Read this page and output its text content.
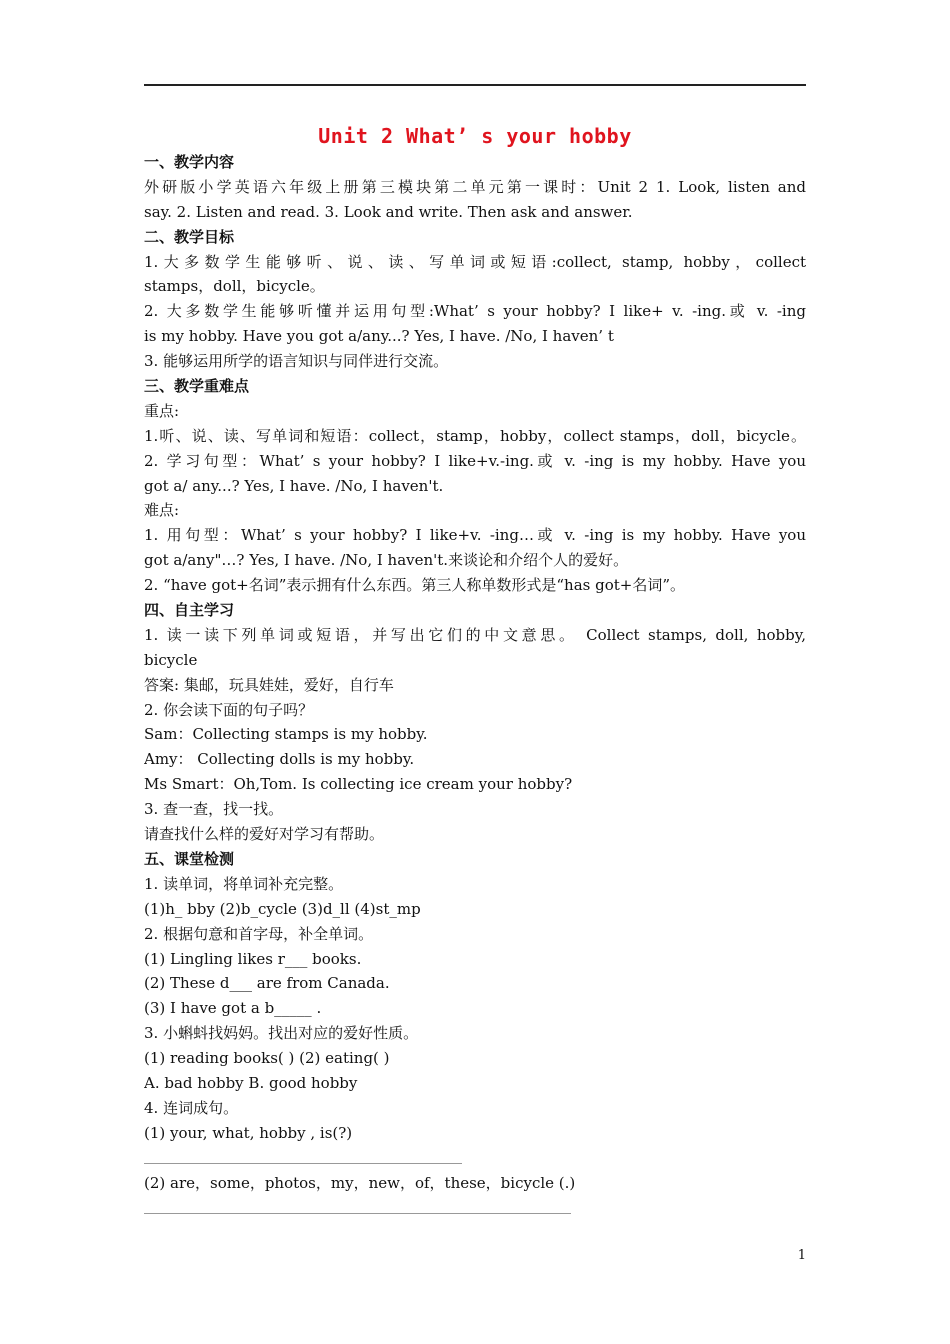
Unit 2 What’ s your hobby
一、教学内容
外研版小学英语六年级上册第三模块第二单元第一课时：Unit 2 1. Look, listen and
say. 2. Listen and read. 3. Look and write. Then ask and answer.
二、教学目标
1.大多数学生能够听、说、读、写单词或短语:collect, stamp, hobby，collect
stamps，doll，bicycle。
2. 大多数学生能够听懂并运用句型:What’ s your hobby? I like+ v. -ing.或 v. -ing
is my hobby. Have you got a/any...? Yes, I have. /No, I haven’ t
3. 能够运用所学的语言知识与同伴进行交流。
三、教学重难点
重点:
1.听、说、读、写单词和短语：collect，stamp，hobby，collect stamps，doll，bicycle。
2. 学习句型：What’ s your hobby? I like+v.-ing.或 v. -ing is my hobby. Have you
got a/ any...? Yes, I have. /No, I haven't.
难点:
1. 用句型：What’ s your hobby? I like+v. -ing…或 v. -ing is my hobby. Have you
got a/any"…? Yes, I have. /No, I haven't.来谈论和介绍个人的爱好。
2. “have got+名词”表示拥有什么东西。第三人称单数形式是“has got+名词”。
四、自主学习
1. 读一读下列单词或短语，并写出它们的中文意思。 Collect stamps, doll, hobby,
bicycle
答案: 集邮，玩具娃娃，爱好，自行车
2. 你会读下面的句子吗？
Sam：Collecting stamps is my hobby.
Amy： Collecting dolls is my hobby.
Ms Smart：Oh,Tom. Is collecting ice cream your hobby?
3. 查一查，找一找。
请查找什么样的爱好对学习有帮助。
五、课堂检测
1. 读单词，将单词补充完整。
(1)h_ bby (2)b_cycle (3)d_ll (4)st_mp
2. 根据句意和首字母，补全单词。
(1) Lingling likes r___ books.
(2) These d___ are from Canada.
(3) I have got a b_____ .
3. 小蝌蚪找妈妈。找出对应的爱好性质。
(1) reading books( ) (2) eating( )
A. bad hobby B. good hobby
4. 连词成句。
(1) your, what, hobby , is(?)
(2) are，some，photos，my，new，of，these，bicycle (.)
1
